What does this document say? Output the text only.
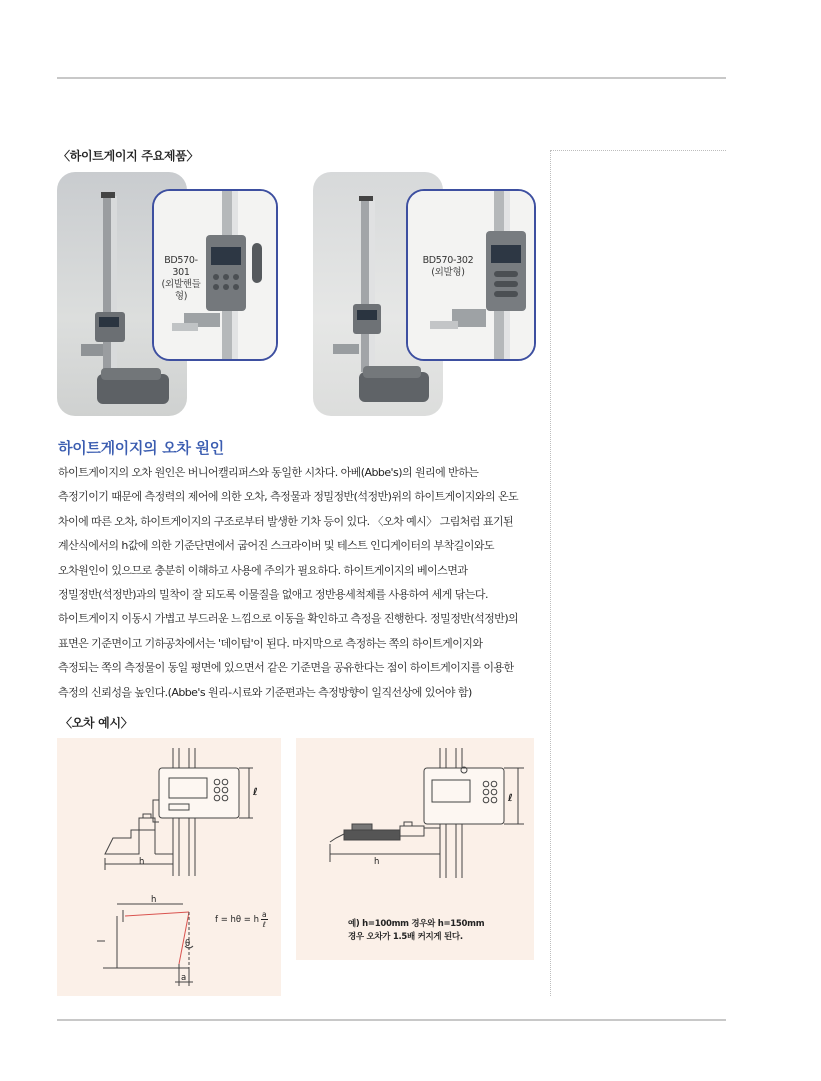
〈하이트게이지 주요제품〉
BD570-301
(외발핸들형)
BD570-302
(외발형)
하이트게이지의 오차 원인

하이트게이지의 오차 원인은 버니어캘리퍼스와 동일한 시차다. 아베(Abbe's)의 원리에 반하는

측정기이기 때문에 측정력의 제어에 의한 오차, 측정물과 정밀정반(석정반)위의 하이트게이지와의 온도

차이에 따른 오차, 하이트게이지의 구조로부터 발생한 기차 등이 있다. 〈오차 예시〉 그림처럼 표기된

계산식에서의 h값에 의한 기준단면에서 굽어진 스크라이버 및 테스트 인디게이터의 부착길이와도

오차원인이 있으므로 충분히 이해하고 사용에 주의가 필요하다. 하이트게이지의 베이스면과

정밀정반(석정반)과의 밀착이 잘 되도록 이물질을 없애고 정반용세척제를 사용하여 세게 닦는다.

하이트게이지 이동시 가볍고 부드러운 느낌으로 이동을 확인하고 측정을 진행한다. 정밀정반(석정반)의

표면은 기준면이고 기하공차에서는 '데이텀'이 된다. 마지막으로 측정하는 쪽의 하이트게이지와

측정되는 쪽의 측정물이 동일 평면에 있으면서 같은 기준면을 공유한다는 점이 하이트게이지를 이용한

측정의 신뢰성을 높인다.(Abbe's 원리-시료와 기준편과는 측정방향이 일직선상에 있어야 함)

〈오차 예시〉
ℓ
h
h
θ
a
f = hθ = h a
ℓ
ℓ
h
예) h=100mm 경우와 h=150mm
경우 오차가 1.5배 커지게 된다.
